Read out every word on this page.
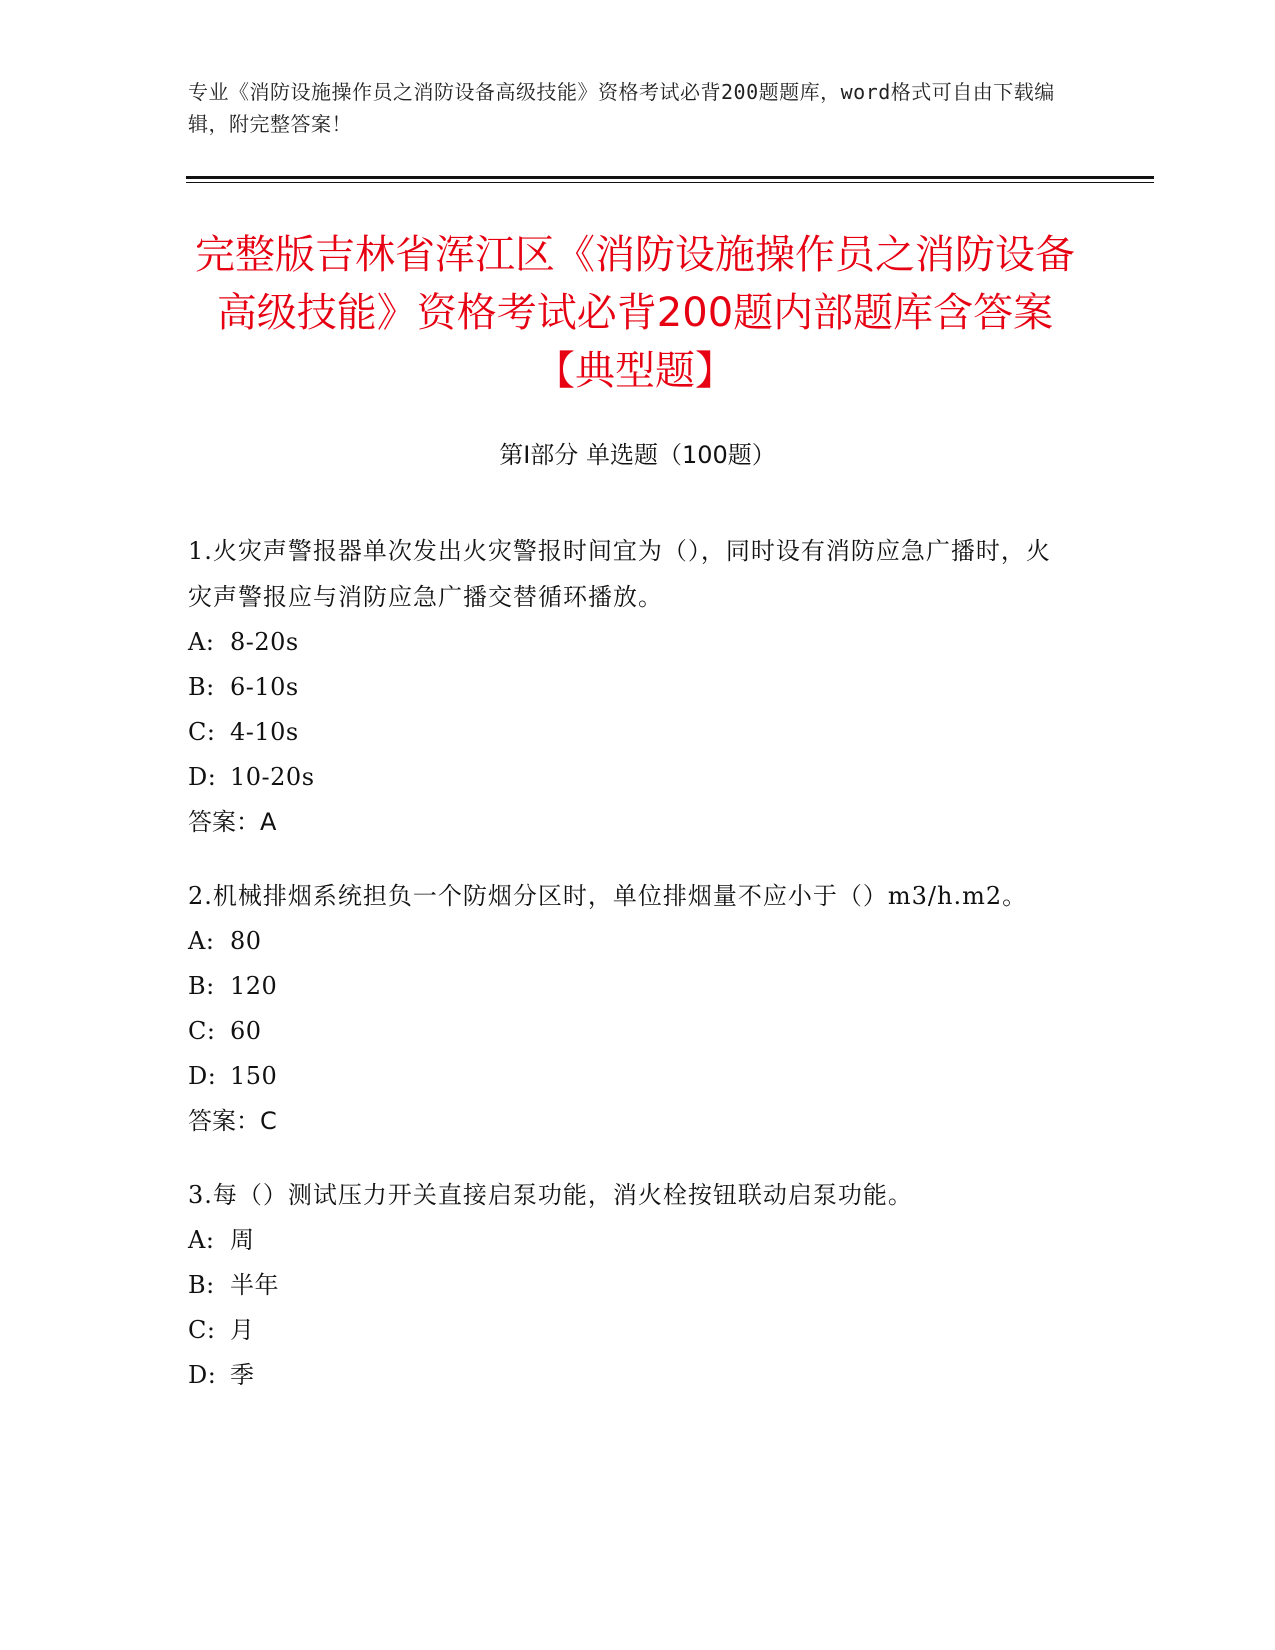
专业《消防设施操作员之消防设备高级技能》资格考试必背200题题库，word格式可自由下载编辑，附完整答案！
完整版吉林省浑江区《消防设施操作员之消防设备高级技能》资格考试必背200题内部题库含答案【典型题】
第Ⅰ部分 单选题（100题）
1.火灾声警报器单次发出火灾警报时间宜为（），同时设有消防应急广播时，火灾声警报应与消防应急广播交替循环播放。
A: 8-20s
B: 6-10s
C: 4-10s
D: 10-20s
答案：A
2.机械排烟系统担负一个防烟分区时，单位排烟量不应小于（）m3/h.m2。
A: 80
B: 120
C: 60
D: 150
答案：C
3.每（）测试压力开关直接启泵功能，消火栓按钮联动启泵功能。
A: 周
B: 半年
C: 月
D: 季
